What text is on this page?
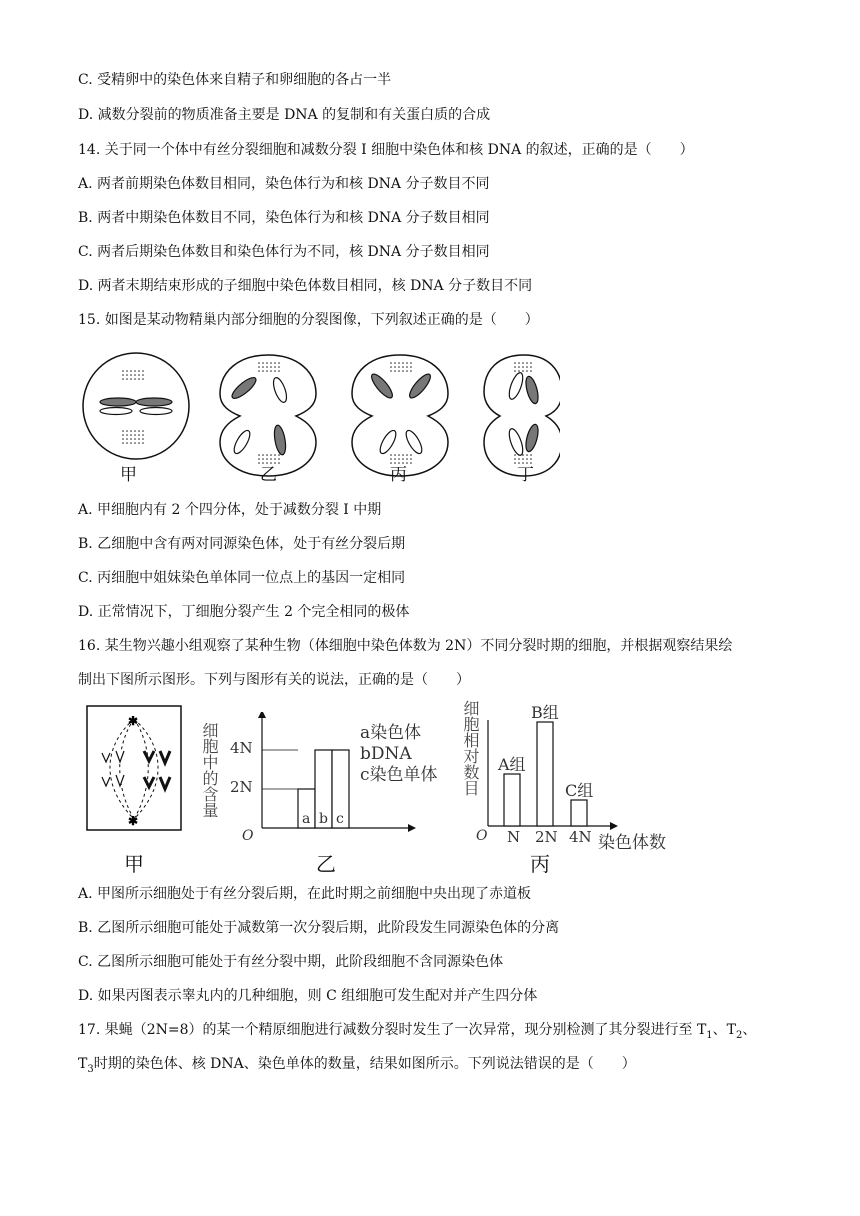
C. 受精卵中的染色体来自精子和卵细胞的各占一半
D. 减数分裂前的物质准备主要是 DNA 的复制和有关蛋白质的合成
14. 关于同一个体中有丝分裂细胞和减数分裂 I 细胞中染色体和核 DNA 的叙述，正确的是（　　）
A. 两者前期染色体数目相同，染色体行为和核 DNA 分子数目不同
B. 两者中期染色体数目不同，染色体行为和核 DNA 分子数目相同
C. 两者后期染色体数目和染色体行为不同，核 DNA 分子数目相同
D. 两者末期结束形成的子细胞中染色体数目相同，核 DNA 分子数目不同
15. 如图是某动物精巢内部分细胞的分裂图像，下列叙述正确的是（　　）
甲	乙	丙	丁
A. 甲细胞内有 2 个四分体，处于减数分裂 I 中期
B. 乙细胞中含有两对同源染色体，处于有丝分裂后期
C. 丙细胞中姐妹染色单体同一位点上的基因一定相同
D. 正常情况下，丁细胞分裂产生 2 个完全相同的极体
16. 某生物兴趣小组观察了某种生物（体细胞中染色体数为 2N）不同分裂时期的细胞，并根据观察结果绘
制出下图所示图形。下列与图形有关的说法，正确的是（　　）
✱
✱
甲
细胞中的含量
a b c
4N
2N
O
a染色体
bDNA
c染色单体
乙
细胞相对数目 A组
N
B组
2N
C组
4N
O	染色体数
丙
A. 甲图所示细胞处于有丝分裂后期，在此时期之前细胞中央出现了赤道板
B. 乙图所示细胞可能处于减数第一次分裂后期，此阶段发生同源染色体的分离
C. 乙图所示细胞可能处于有丝分裂中期，此阶段细胞不含同源染色体
D. 如果丙图表示睾丸内的几种细胞，则 C 组细胞可发生配对并产生四分体
17. 果蝇（2N=8）的某一个精原细胞进行减数分裂时发生了一次异常，现分别检测了其分裂进行至 $T_1$、$T_2$、
$T_3$时期的染色体、核 DNA、染色单体的数量，结果如图所示。下列说法错误的是（　　）
